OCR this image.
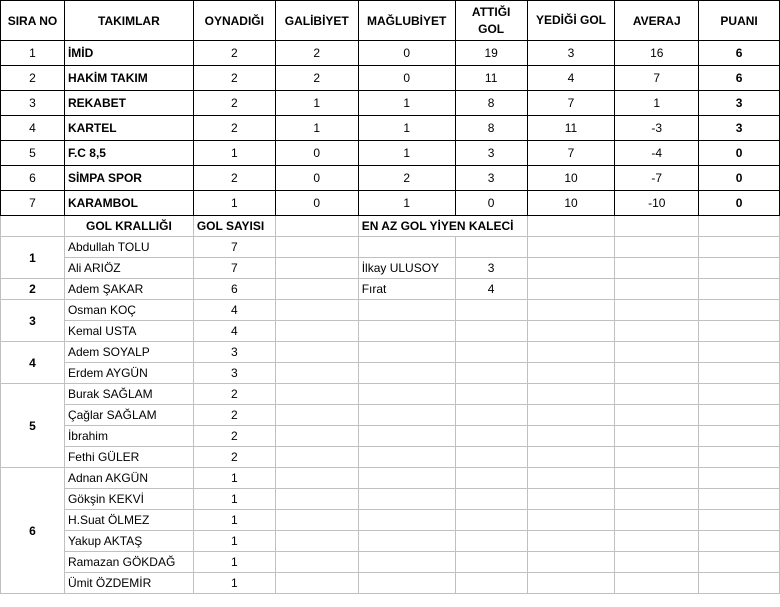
SIRA NO	TAKIMLAR	OYNADIĞI	GALİBİYET	MAĞLUBİYET	ATTIĞI GOL	YEDİĞİ GOL	AVERAJ	PUANI
1	İMİD	2	2	0	19	3	16	6
2	HAKİM TAKIM	2	2	0	11	4	7	6
3	REKABET	2	1	1	8	7	1	3
4	KARTEL	2	1	1	8	11	-3	3
5	F.C 8,5	1	0	1	3	7	-4	0
6	SİMPA SPOR	2	0	2	3	10	-7	0
7	KARAMBOL	1	0	1	0	10	-10	0
	GOL KRALLIĞI	GOL SAYISI		EN AZ GOL YİYEN KALECİ				
1	Abdullah TOLU	7						
	Ali ARIÖZ	7		İlkay ULUSOY	3			
2	Adem ŞAKAR	6		Fırat	4			
3	Osman KOÇ	4						
	Kemal USTA	4						
4	Adem SOYALP	3						
	Erdem AYGÜN	3						
5	Burak SAĞLAM	2						
	Çağlar SAĞLAM	2						
	İbrahim	2						
	Fethi GÜLER	2						
6	Adnan AKGÜN	1						
	Gökşin KEKVİ	1						
	H.Suat ÖLMEZ	1						
	Yakup AKTAŞ	1						
	Ramazan GÖKDAĞ	1						
	Ümit ÖZDEMİR	1						
